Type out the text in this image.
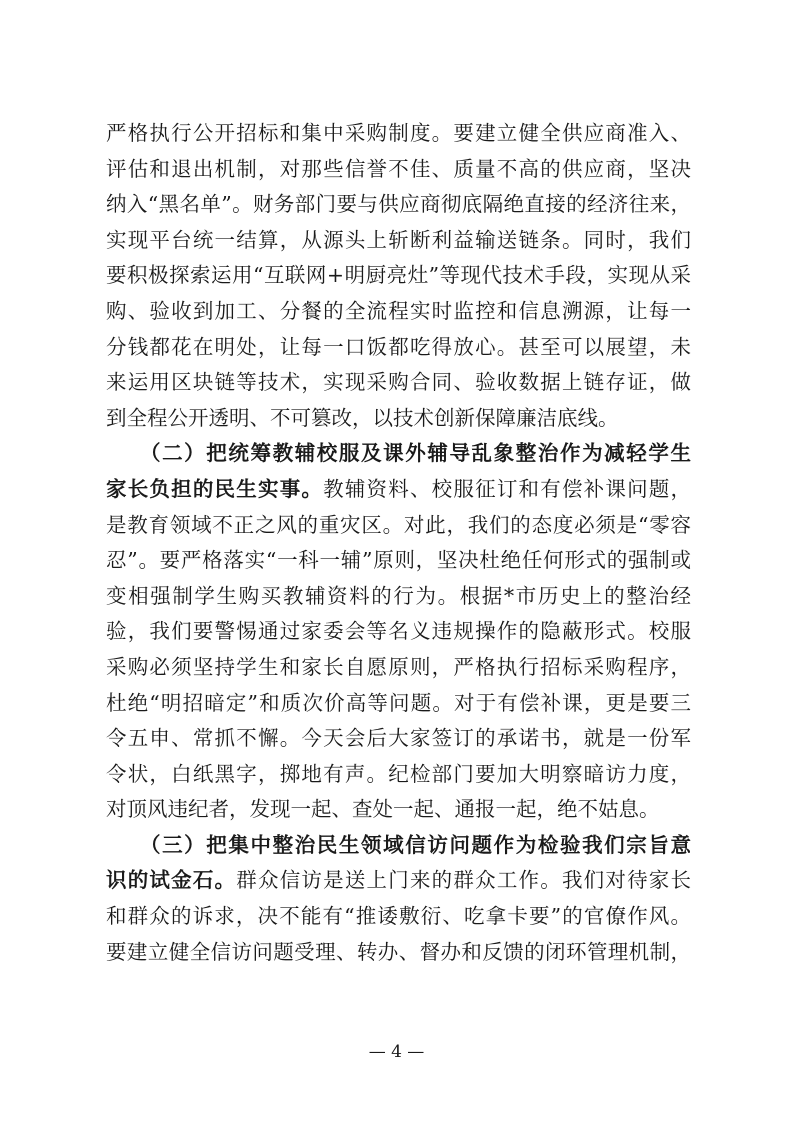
严格执行公开招标和集中采购制度。要建立健全供应商准入、
评估和退出机制，对那些信誉不佳、质量不高的供应商，坚决
纳入“黑名单”。财务部门要与供应商彻底隔绝直接的经济往来，
实现平台统一结算，从源头上斩断利益输送链条。同时，我们
要积极探索运用“互联网+明厨亮灶”等现代技术手段，实现从采
购、验收到加工、分餐的全流程实时监控和信息溯源，让每一
分钱都花在明处，让每一口饭都吃得放心。甚至可以展望，未
来运用区块链等技术，实现采购合同、验收数据上链存证，做
到全程公开透明、不可篡改，以技术创新保障廉洁底线。
　　（二）把统筹教辅校服及课外辅导乱象整治作为减轻学生
家长负担的民生实事。教辅资料、校服征订和有偿补课问题，
是教育领域不正之风的重灾区。对此，我们的态度必须是“零容
忍”。要严格落实“一科一辅”原则，坚决杜绝任何形式的强制或
变相强制学生购买教辅资料的行为。根据*市历史上的整治经
验，我们要警惕通过家委会等名义违规操作的隐蔽形式。校服
采购必须坚持学生和家长自愿原则，严格执行招标采购程序，
杜绝“明招暗定”和质次价高等问题。对于有偿补课，更是要三
令五申、常抓不懈。今天会后大家签订的承诺书，就是一份军
令状，白纸黑字，掷地有声。纪检部门要加大明察暗访力度，
对顶风违纪者，发现一起、查处一起、通报一起，绝不姑息。
　　（三）把集中整治民生领域信访问题作为检验我们宗旨意
识的试金石。群众信访是送上门来的群众工作。我们对待家长
和群众的诉求，决不能有“推诿敷衍、吃拿卡要”的官僚作风。
要建立健全信访问题受理、转办、督办和反馈的闭环管理机制，
— 4 —
